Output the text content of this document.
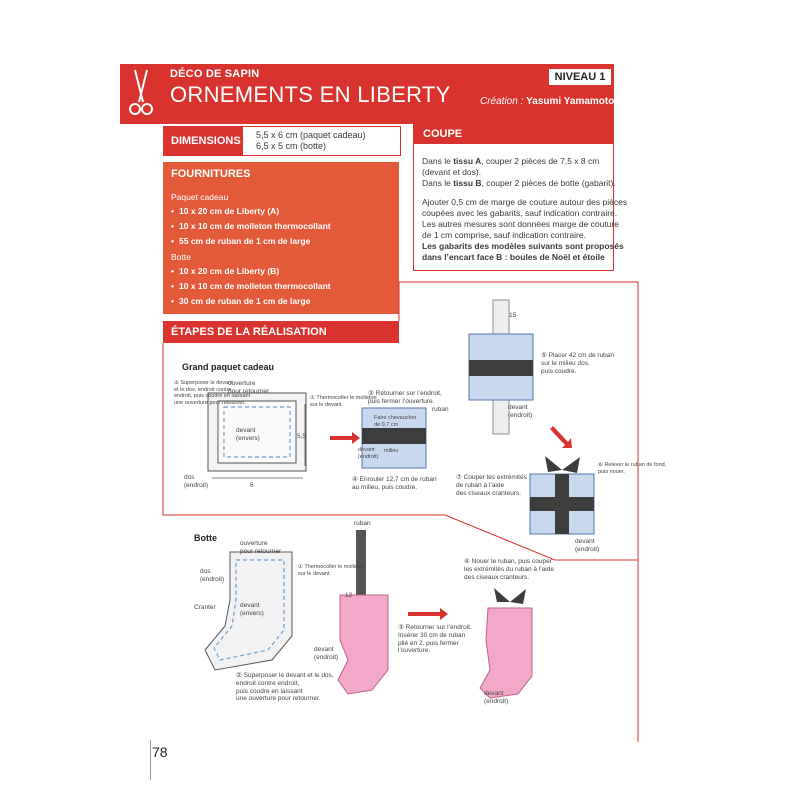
DÉCO DE SAPIN
ORNEMENTS EN LIBERTY
NIVEAU 1
Création : Yasumi Yamamoto
DIMENSIONS 5,5 x 6 cm (paquet cadeau)
6,5 x 5 cm (botte)
FOURNITURES
Paquet cadeau
• 10 x 20 cm de Liberty (A)
• 10 x 10 cm de molleton thermocollant
• 55 cm de ruban de 1 cm de large
Botte
• 10 x 20 cm de Liberty (B)
• 10 x 10 cm de molleton thermocollant
• 30 cm de ruban de 1 cm de large
COUPE
Dans le tissu A, couper 2 pièces de 7,5 x 8 cm
(devant et dos).
Dans le tissu B, couper 2 pièces de botte (gabarit).
Ajouter 0,5 cm de marge de couture autour des pièces
coupées avec les gabarits, sauf indication contraire.
Les autres mesures sont données marge de couture
de 1 cm comprise, sauf indication contraire.
Les gabarits des modèles suivants sont proposés
dans l’encart face B : boules de Noël et étoile
ÉTAPES DE LA RÉALISATION
Grand paquet cadeau
ouverture
pour retourner
devant
(envers)
dos
(endroit)	6
5,5
② Superposer le devant
et le dos, endroit contre
endroit, puis coudre en
une ouverture pour retourner.
① Thermocoller le molleton
sur le devant.
③ Retourner sur l’endroit,
puis fermer l’ouverture.
ruban
Faire chevaucher
de 0,7 cm
devant
(endroit)
milieu
④ Enrouler 12,7 cm de ruban
au milieu, puis coudre.
15
⑤ Placer 42 cm de ruban
sur le milieu dos,
puis coudre.
devant
(endroit)
⑥ Relever le ruban de fond,
puis nouer.
⑦ Couper les extrémités
de ruban à l’aide
des ciseaux cranteurs.
devant
(endroit)
Botte
ouverture
pour retourner
dos
(endroit)
devant
(envers)
Cranter
① Thermocoller le molleton
sur le devant.
② Superposer le devant et le dos,
endroit contre endroit,
puis coudre en laissant
une ouverture pour retourner.
ruban
12
devant
(endroit)
③ Retourner sur l’endroit.
Insérer 30 cm de ruban
plié en 2, puis fermer
l’ouverture.
④ Nouer le ruban, puis couper
les extrémités du ruban à l’aide
des ciseaux cranteurs.
devant
(endroit)
78
